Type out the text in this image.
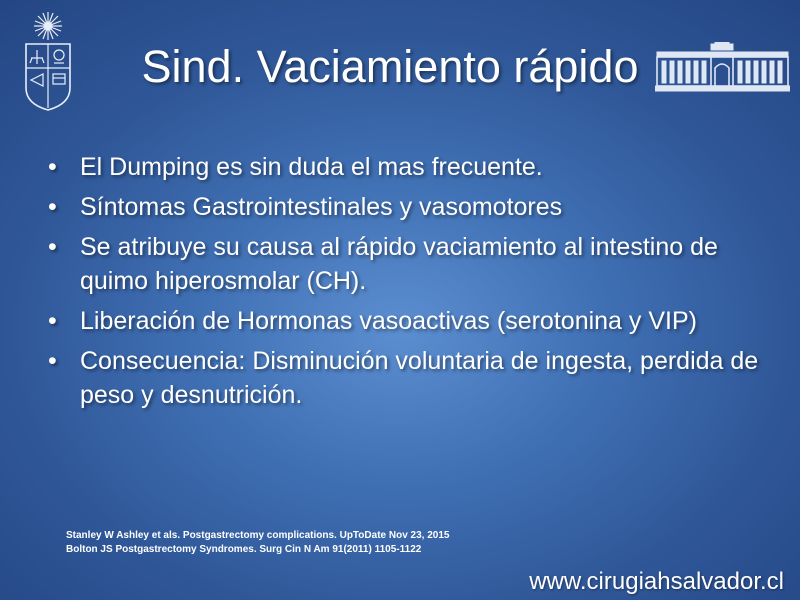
Sind. Vaciamiento rápido
• El Dumping es sin duda el mas frecuente.
• Síntomas Gastrointestinales y vasomotores
• Se atribuye su causa al rápido vaciamiento al intestino de quimo hiperosmolar (CH).
• Liberación de Hormonas vasoactivas (serotonina y VIP)
• Consecuencia: Disminución voluntaria de ingesta, perdida de peso y desnutrición.
Stanley W Ashley et als. Postgastrectomy complications. UpToDate Nov 23, 2015
Bolton JS Postgastrectomy Syndromes. Surg Cin N Am 91(2011) 1105-1122
www.cirugiahsalvador.cl
